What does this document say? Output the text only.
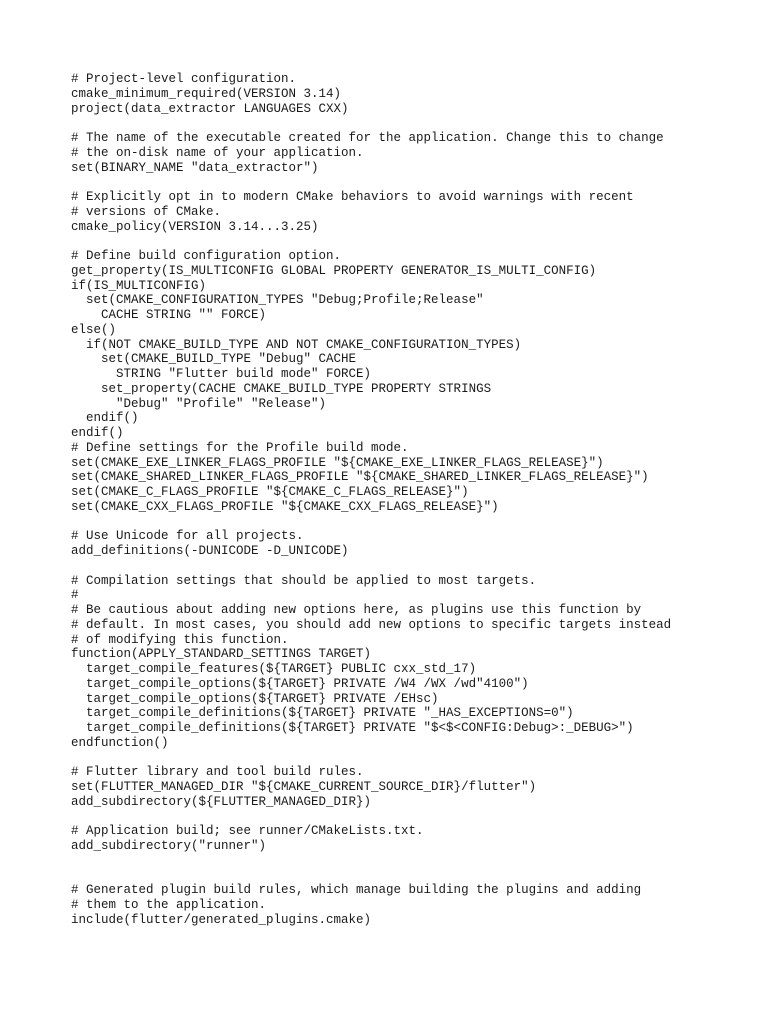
# Project-level configuration.
cmake_minimum_required(VERSION 3.14)
project(data_extractor LANGUAGES CXX)
# The name of the executable created for the application. Change this to change
# the on-disk name of your application.
set(BINARY_NAME "data_extractor")
# Explicitly opt in to modern CMake behaviors to avoid warnings with recent
# versions of CMake.
cmake_policy(VERSION 3.14...3.25)
# Define build configuration option.
get_property(IS_MULTICONFIG GLOBAL PROPERTY GENERATOR_IS_MULTI_CONFIG)
if(IS_MULTICONFIG)
set(CMAKE_CONFIGURATION_TYPES "Debug;Profile;Release"
CACHE STRING "" FORCE)
else()
if(NOT CMAKE_BUILD_TYPE AND NOT CMAKE_CONFIGURATION_TYPES)
set(CMAKE_BUILD_TYPE "Debug" CACHE
STRING "Flutter build mode" FORCE)
set_property(CACHE CMAKE_BUILD_TYPE PROPERTY STRINGS
"Debug" "Profile" "Release")
endif()
endif()
# Define settings for the Profile build mode.
set(CMAKE_EXE_LINKER_FLAGS_PROFILE "${CMAKE_EXE_LINKER_FLAGS_RELEASE}")
set(CMAKE_SHARED_LINKER_FLAGS_PROFILE "${CMAKE_SHARED_LINKER_FLAGS_RELEASE}")
set(CMAKE_C_FLAGS_PROFILE "${CMAKE_C_FLAGS_RELEASE}")
set(CMAKE_CXX_FLAGS_PROFILE "${CMAKE_CXX_FLAGS_RELEASE}")
# Use Unicode for all projects.
add_definitions(-DUNICODE -D_UNICODE)
# Compilation settings that should be applied to most targets.
#
# Be cautious about adding new options here, as plugins use this function by
# default. In most cases, you should add new options to specific targets instead
# of modifying this function.
function(APPLY_STANDARD_SETTINGS TARGET)
target_compile_features(${TARGET} PUBLIC cxx_std_17)
target_compile_options(${TARGET} PRIVATE /W4 /WX /wd"4100")
target_compile_options(${TARGET} PRIVATE /EHsc)
target_compile_definitions(${TARGET} PRIVATE "_HAS_EXCEPTIONS=0")
target_compile_definitions(${TARGET} PRIVATE "$<$<CONFIG:Debug>:_DEBUG>")
endfunction()
# Flutter library and tool build rules.
set(FLUTTER_MANAGED_DIR "${CMAKE_CURRENT_SOURCE_DIR}/flutter")
add_subdirectory(${FLUTTER_MANAGED_DIR})
# Application build; see runner/CMakeLists.txt.
add_subdirectory("runner")
# Generated plugin build rules, which manage building the plugins and adding
# them to the application.
include(flutter/generated_plugins.cmake)
